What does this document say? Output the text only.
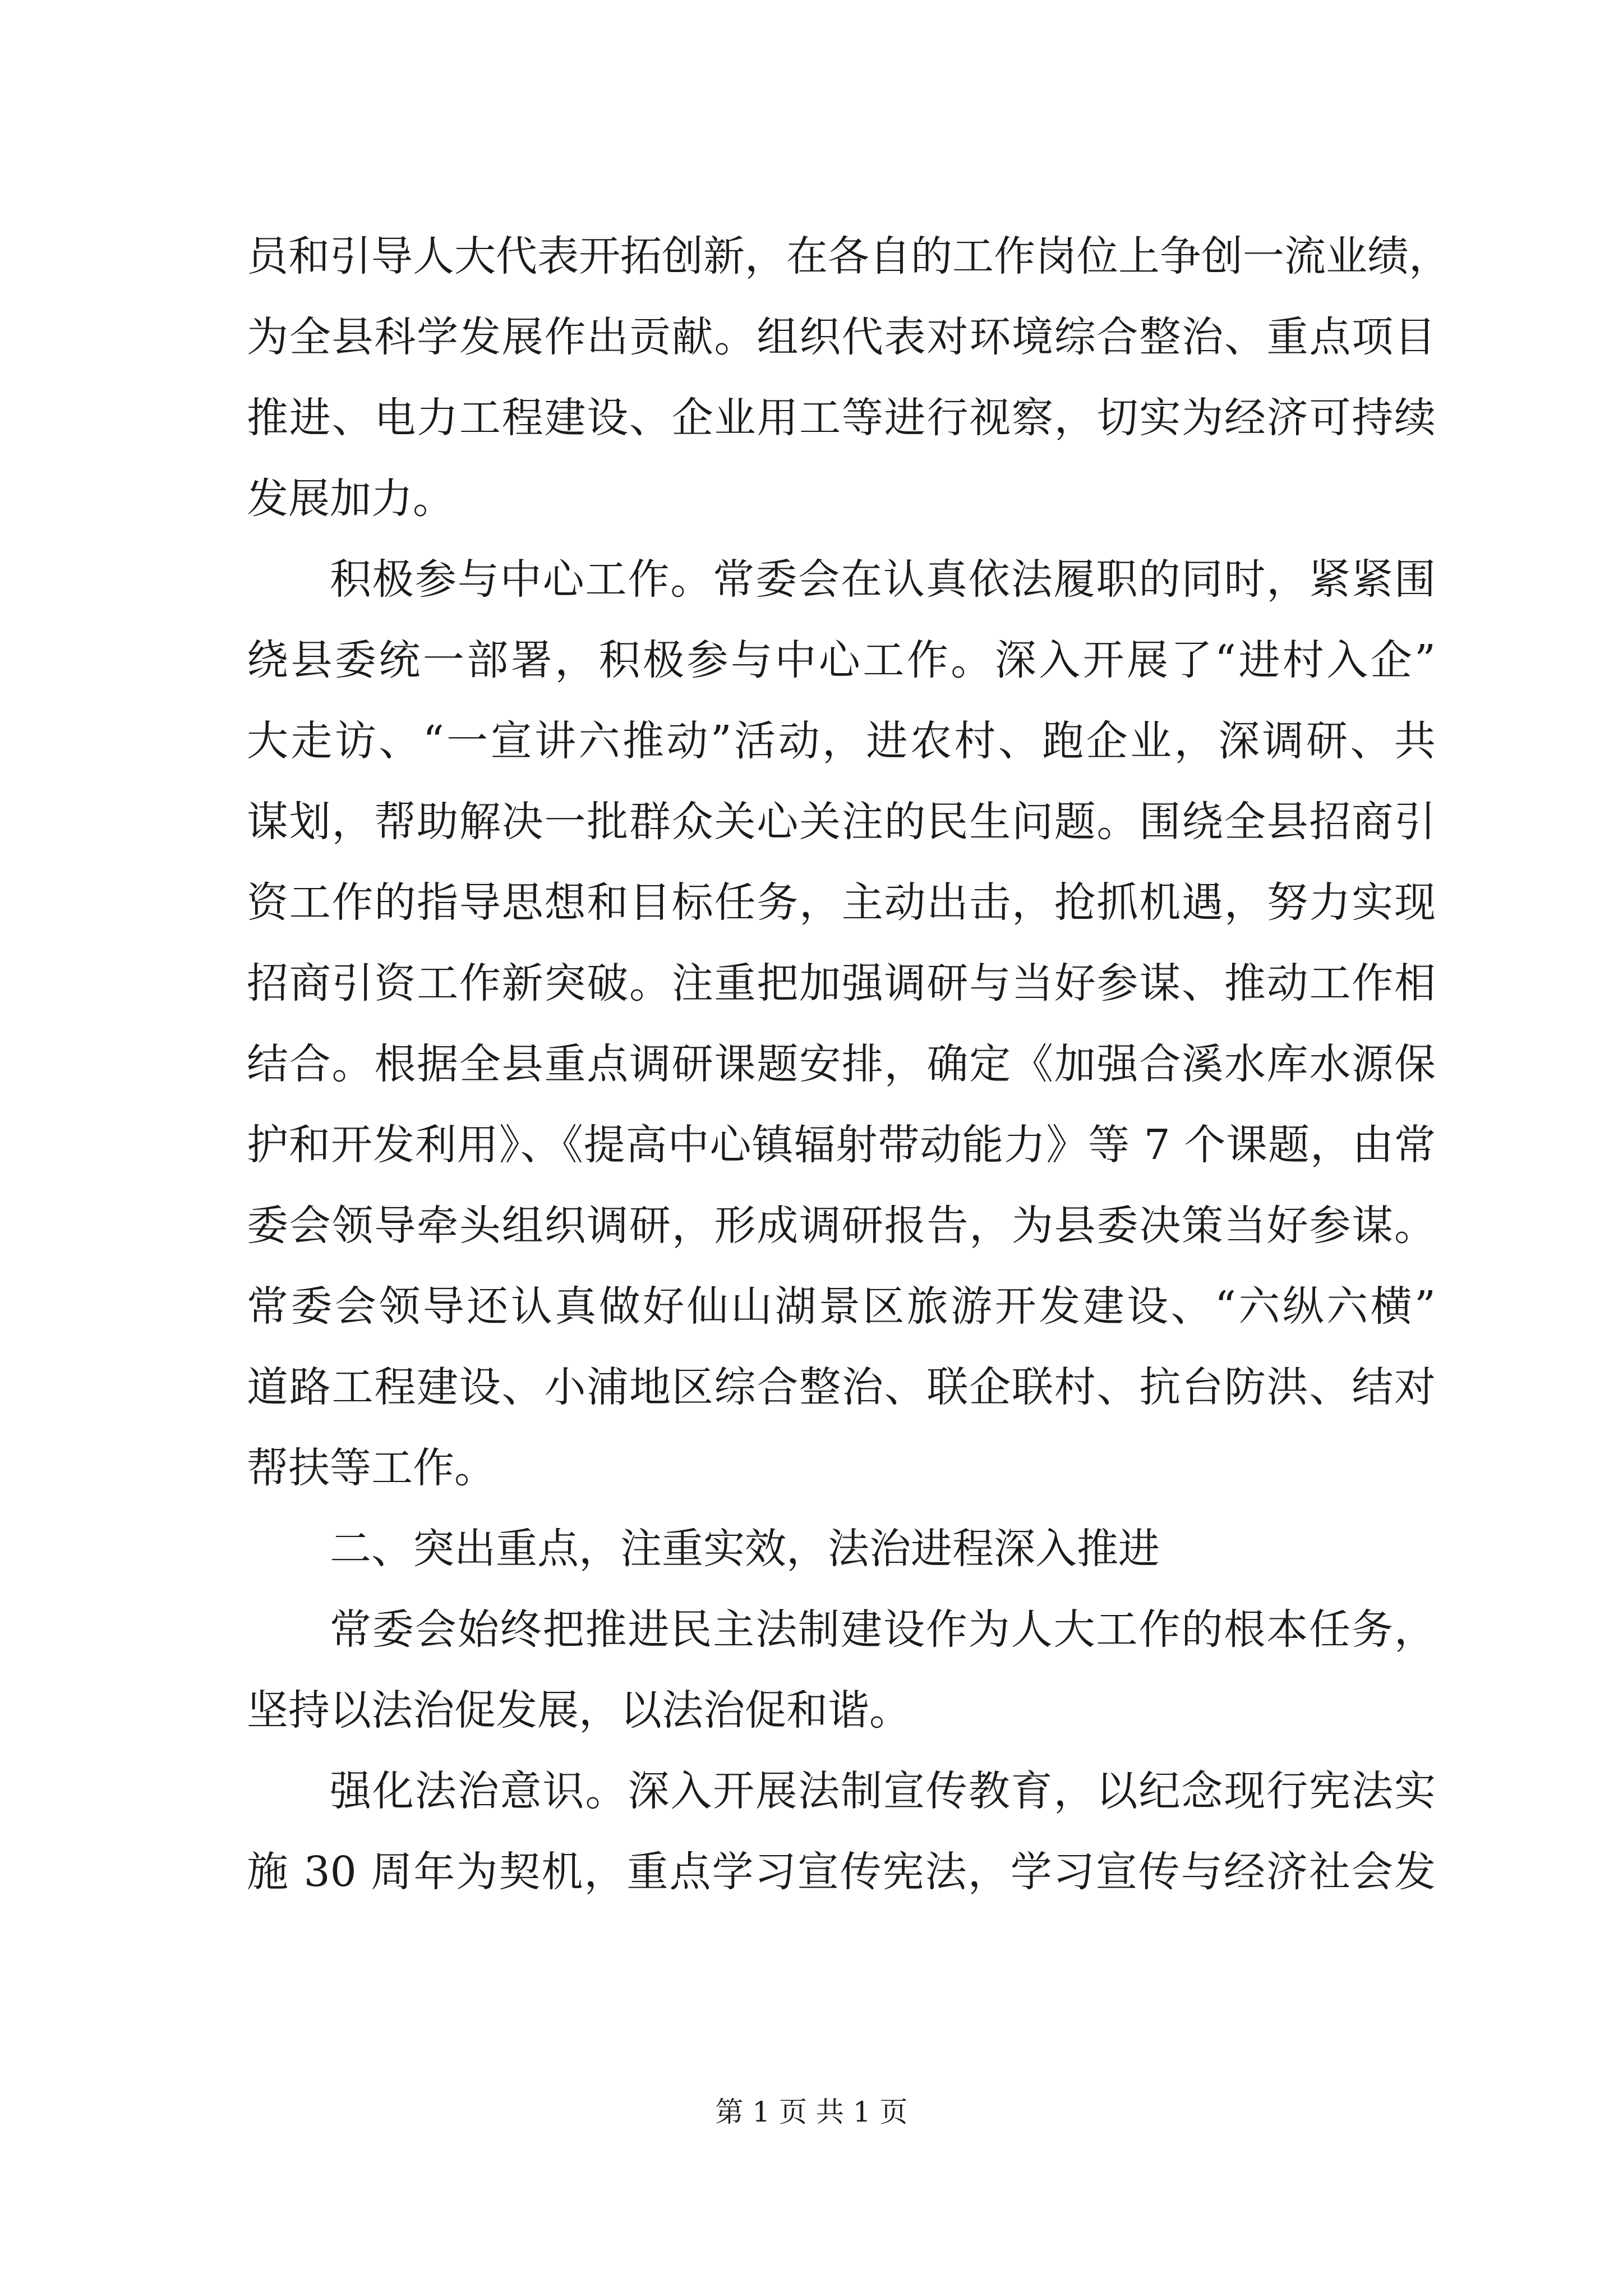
员和引导人大代表开拓创新，在各自的工作岗位上争创一流业绩，
为全县科学发展作出贡献。组织代表对环境综合整治、重点项目
推进、电力工程建设、企业用工等进行视察，切实为经济可持续
发展加力。
积极参与中心工作。常委会在认真依法履职的同时，紧紧围
绕县委统一部署，积极参与中心工作。深入开展了“进村入企”
大走访、“一宣讲六推动”活动，进农村、跑企业，深调研、共
谋划，帮助解决一批群众关心关注的民生问题。围绕全县招商引
资工作的指导思想和目标任务，主动出击，抢抓机遇，努力实现
招商引资工作新突破。注重把加强调研与当好参谋、推动工作相
结合。根据全县重点调研课题安排，确定《加强合溪水库水源保
护和开发利用》、《提高中心镇辐射带动能力》等 7 个课题，由常
委会领导牵头组织调研，形成调研报告，为县委决策当好参谋。
常委会领导还认真做好仙山湖景区旅游开发建设、“六纵六横”
道路工程建设、小浦地区综合整治、联企联村、抗台防洪、结对
帮扶等工作。
二、突出重点，注重实效，法治进程深入推进
常委会始终把推进民主法制建设作为人大工作的根本任务，
坚持以法治促发展，以法治促和谐。
强化法治意识。深入开展法制宣传教育，以纪念现行宪法实
施 30 周年为契机，重点学习宣传宪法，学习宣传与经济社会发
第 1 页 共 1 页
